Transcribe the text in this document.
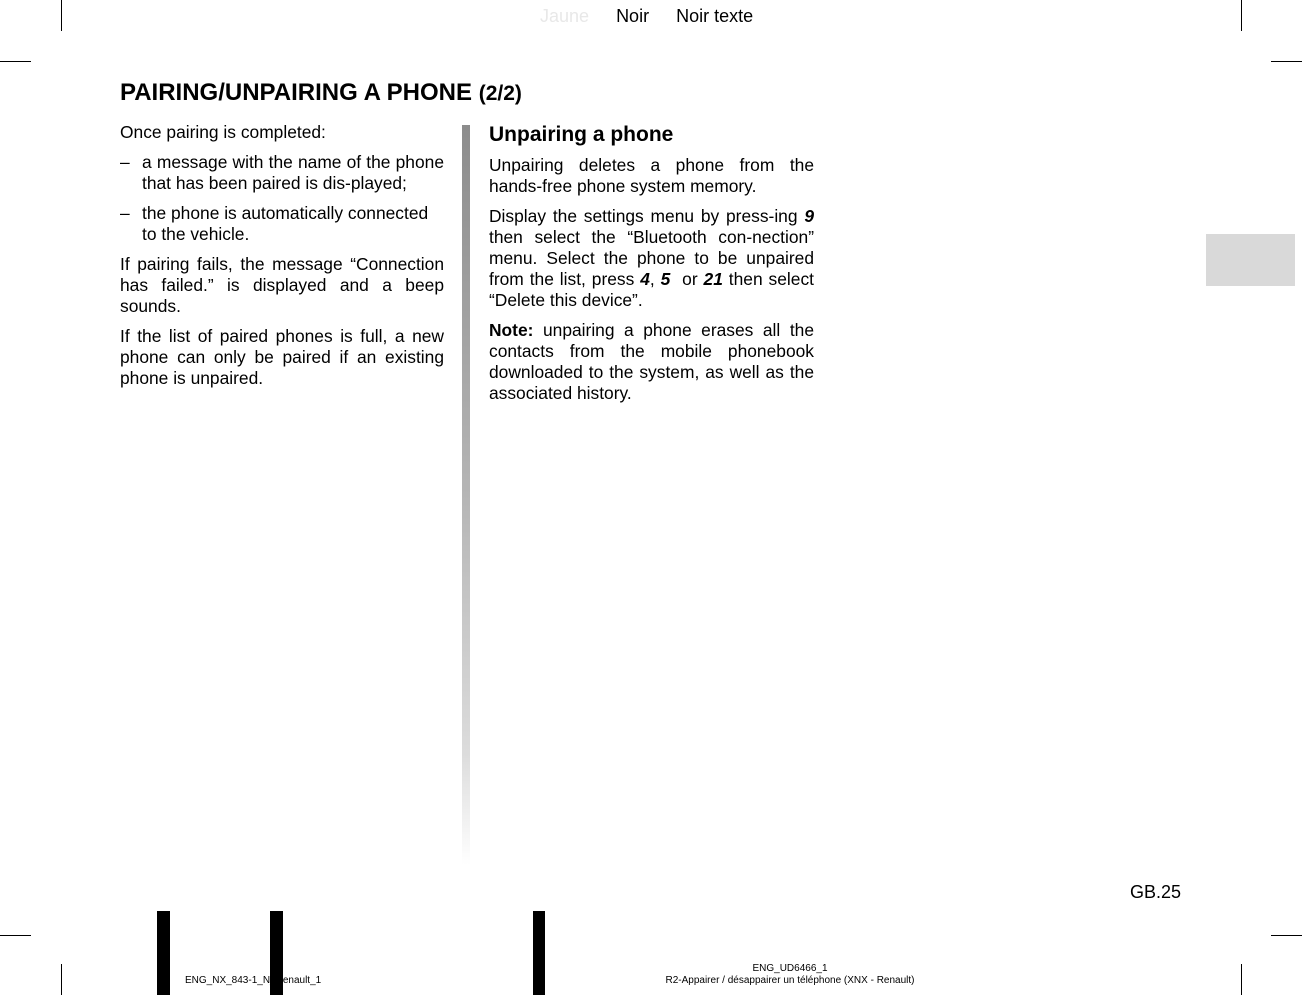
Jaune Noir Noir texte
PAIRING/UNPAIRING A PHONE (2/2)

Once pairing is completed:

– a message with the name of the phone that has been paired is dis-played;
– the phone is automatically connected to the vehicle.

If pairing fails, the message “Connection has failed.” is displayed and a beep sounds.

If the list of paired phones is full, a new phone can only be paired if an existing phone is unpaired.

Unpairing a phone

Unpairing deletes a phone from the hands-free phone system memory.

Display the settings menu by press-ing 9 then select the “Bluetooth con-nection” menu. Select the phone to be unpaired from the list, press 4, 5  or 21 then select “Delete this device”.

Note: unpairing a phone erases all the contacts from the mobile phonebook downloaded to the system, as well as the associated history.

GB.25
ENG_NX_843-1_N_Renault_1
ENG_UD6466_1
R2-Appairer / désappairer un téléphone (XNX - Renault)
